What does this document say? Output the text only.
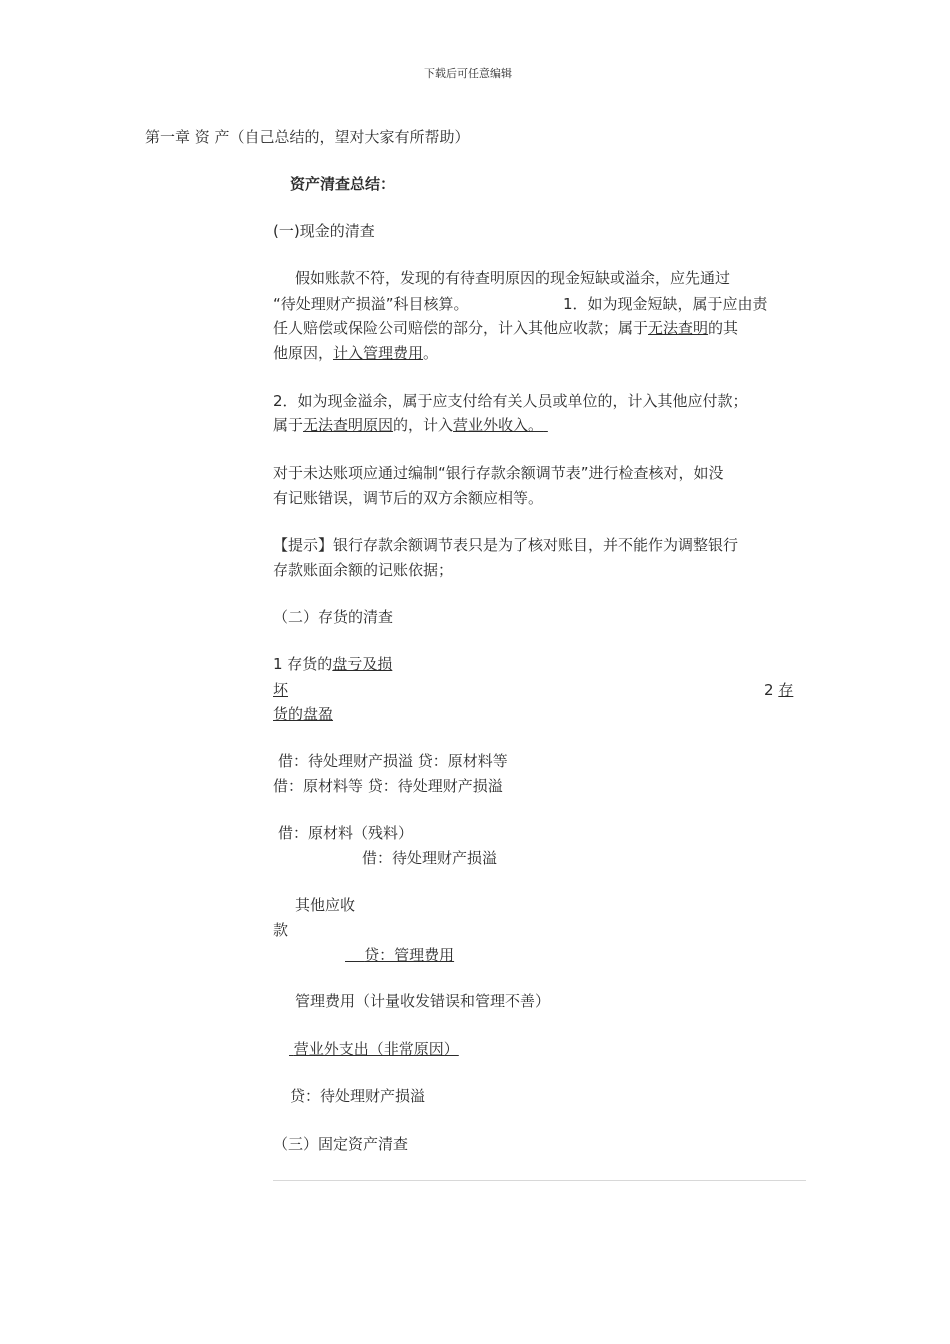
下载后可任意编辑
第一章 资 产（自己总结的，望对大家有所帮助）
资产清查总结：
(一)现金的清查
假如账款不符，发现的有待查明原因的现金短缺或溢余，应先通过
“待处理财产损溢”科目核算。	1．如为现金短缺，属于应由责
任人赔偿或保险公司赔偿的部分，计入其他应收款；属于无法查明的其
他原因，计入管理费用。
2．如为现金溢余，属于应支付给有关人员或单位的，计入其他应付款；
属于无法查明原因的，计入营业外收入。
对于未达账项应通过编制“银行存款余额调节表”进行检查核对，如没
有记账错误，调节后的双方余额应相等。
【提示】银行存款余额调节表只是为了核对账目，并不能作为调整银行
存款账面余额的记账依据；
（二）存货的清查
1 存货的盘亏及损
坏	2 存
货的盘盈
借：待处理财产损溢 贷：原材料等
借：原材料等 贷：待处理财产损溢
借：原材料（残料）
借：待处理财产损溢
其他应收
款
贷：管理费用
管理费用（计量收发错误和管理不善）
营业外支出（非常原因）
贷：待处理财产损溢
（三）固定资产清查
